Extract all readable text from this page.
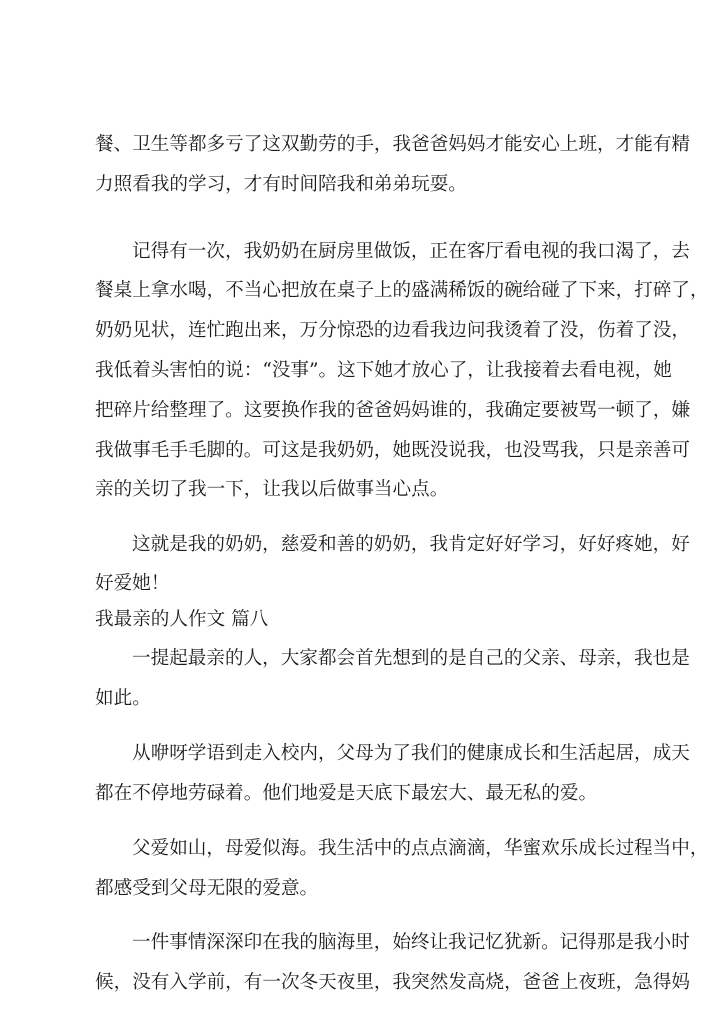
餐、卫生等都多亏了这双勤劳的手，我爸爸妈妈才能安心上班，才能有精
力照看我的学习，才有时间陪我和弟弟玩耍。
记得有一次，我奶奶在厨房里做饭，正在客厅看电视的我口渴了，去
餐桌上拿水喝，不当心把放在桌子上的盛满稀饭的碗给碰了下来，打碎了，
奶奶见状，连忙跑出来，万分惊恐的边看我边问我烫着了没，伤着了没，
我低着头害怕的说：“没事”。这下她才放心了，让我接着去看电视，她
把碎片给整理了。这要换作我的爸爸妈妈谁的，我确定要被骂一顿了，嫌
我做事毛手毛脚的。可这是我奶奶，她既没说我，也没骂我，只是亲善可
亲的关切了我一下，让我以后做事当心点。
这就是我的奶奶，慈爱和善的奶奶，我肯定好好学习，好好疼她，好
好爱她！
我最亲的人作文 篇八
一提起最亲的人，大家都会首先想到的是自己的父亲、母亲，我也是
如此。
从咿呀学语到走入校内，父母为了我们的健康成长和生活起居，成天
都在不停地劳碌着。他们地爱是天底下最宏大、最无私的爱。
父爱如山，母爱似海。我生活中的点点滴滴，华蜜欢乐成长过程当中，
都感受到父母无限的爱意。
一件事情深深印在我的脑海里，始终让我记忆犹新。记得那是我小时
候，没有入学前，有一次冬天夜里，我突然发高烧，爸爸上夜班，急得妈
